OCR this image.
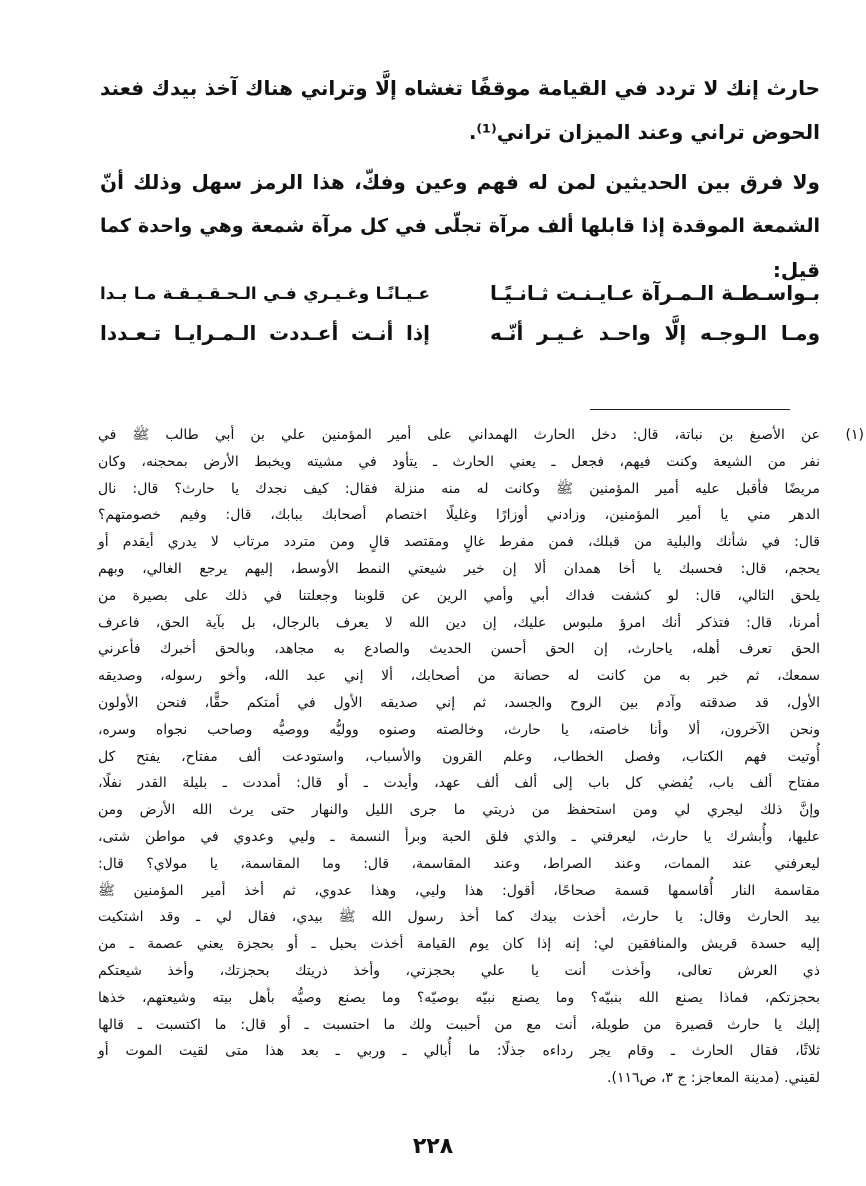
حارث إنك لا تردد في القيامة موقفًا تغشاه إلَّا وتراني هناك آخذ بيدك فعند
الحوض تراني وعند الميزان تراني⁽¹⁾.
ولا فرق بين الحديثين لمن له فهم وعين وفكّ، هذا الرمز سهل وذلك أنّ
الشمعة الموقدة إذا قابلها ألف مرآة تجلّى في كل مرآة شمعة وهي واحدة كما
قيل:
بـواسـطـة الـمـرآة عـايـنـت ثـانـيًـا
عـيـانًـا وغـيـري فـي الـحـقـيـقـة مـا بـدا
ومـا الـوجـه إلَّا واحـد غـيـر أنّـه
إذا أنـت أعـددت الـمـرايـا تـعـددا
(١)
عن الأصبغ بن نباتة، قال: دخل الحارث الهمداني على أمير المؤمنين علي بن أبي طالب ﷺ في
نفر من الشيعة وكنت فيهم، فجعل ـ يعني الحارث ـ يتأود في مشيته ويخبط الأرض بمحجنه، وكان
مريضًا فأقبل عليه أمير المؤمنين ﷺ وكانت له منه منزلة فقال: كيف نجدك يا حارث؟ قال: نال
الدهر مني يا أمير المؤمنين، وزادني أوزارًا وغليلًا اختصام أصحابك ببابك، قال: وفيم خصومتهم؟
قال: في شأنك والبلية من قبلك، فمن مفرط غالٍ ومقتصد قالٍ ومن متردد مرتاب لا يدري أيقدم أو
يحجم، قال: فحسبك يا أخا همدان ألا إن خير شيعتي النمط الأوسط، إليهم يرجع الغالي، وبهم
يلحق التالي، قال: لو كشفت فداك أبي وأمي الرين عن قلوبنا وجعلتنا في ذلك على بصيرة من
أمرنا، قال: فتذكر أنك امرؤ ملبوس عليك، إن دين الله لا يعرف بالرجال، بل بآية الحق، فاعرف
الحق تعرف أهله، ياحارث، إن الحق أحسن الحديث والصادع به مجاهد، وبالحق أخبرك فأعرني
سمعك، ثم خبر به من كانت له حصانة من أصحابك، ألا إني عبد الله، وأخو رسوله، وصديقه
الأول، قد صدقته وآدم بين الروح والجسد، ثم إني صديقه الأول في أمتكم حقًّا، فنحن الأولون
ونحن الآخرون، ألا وأنا خاصته، يا حارث، وخالصته وصنوه ووليُّه ووصيُّه وصاحب نجواه وسره،
أُوتيت فهم الكتاب، وفصل الخطاب، وعلم القرون والأسباب، واستودعت ألف مفتاح، يفتح كل
مفتاح ألف باب، يُفضي كل باب إلى ألف ألف عهد، وأيدت ـ أو قال: أمددت ـ بليلة القدر نفلًا،
وإنَّ ذلك ليجري لي ومن استحفظ من ذريتي ما جرى الليل والنهار حتى يرث الله الأرض ومن
عليها، وأُبشرك يا حارث، ليعرفني ـ والذي فلق الحبة وبرأ النسمة ـ وليي وعدوي في مواطن شتى،
ليعرفني عند الممات، وعند الصراط، وعند المقاسمة، قال: وما المقاسمة، يا مولاي؟ قال:
مقاسمة النار أُقاسمها قسمة صحاحًا، أقول: هذا وليي، وهذا عدوي، ثم أخذ أمير المؤمنين ﷺ
بيد الحارث وقال: يا حارث، أخذت بيدك كما أخذ رسول الله ﷺ بيدي، فقال لي ـ وقد اشتكيت
إليه حسدة قريش والمنافقين لي: إنه إذا كان يوم القيامة أخذت بحبل ـ أو بحجزة يعني عصمة ـ من
ذي العرش تعالى، وأخذت أنت يا علي بحجزتي، وأخذ ذريتك بحجزتك، وأخذ شيعتكم
بحجزتكم، فماذا يصنع الله بنبيّه؟ وما يصنع نبيّه بوصيّه؟ وما يصنع وصيُّه بأهل بيته وشيعتهم، خذها
إليك يا حارث قصيرة من طويلة، أنت مع من أحببت ولك ما احتسبت ـ أو قال: ما اكتسبت ـ قالها
ثلاثًا، فقال الحارث ـ وقام يجر رداءه جذلًا: ما أُبالي ـ وربي ـ بعد هذا متى لقيت الموت أو
لقيني. (مدينة المعاجز: ج ٣، ص١١٦).
٢٢٨
